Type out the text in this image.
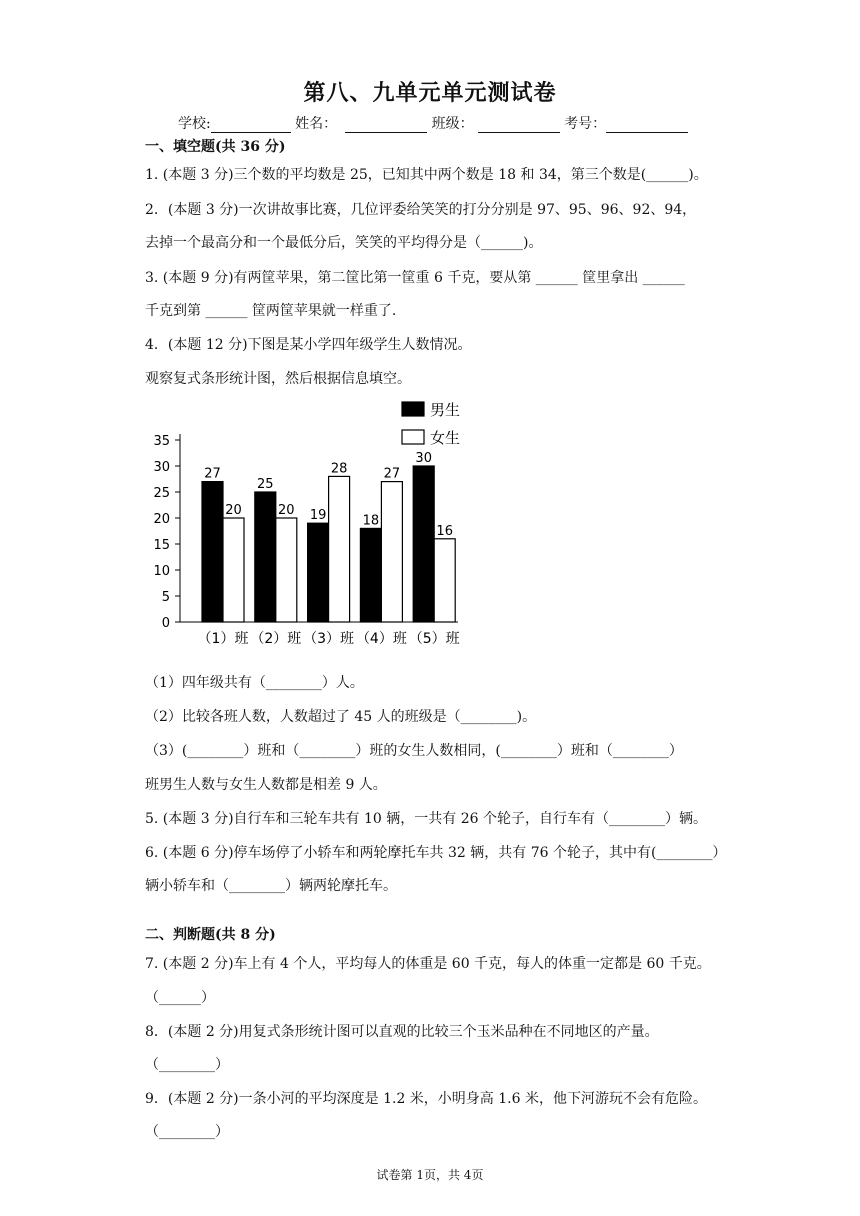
第八、九单元单元测试卷
学校:	姓名：	班级：	考号：
一、填空题(共 36 分)
1. (本题 3 分)三个数的平均数是 25，已知其中两个数是 18 和 34，第三个数是(______)。
2．(本题 3 分)一次讲故事比赛，几位评委给笑笑的打分分别是 97、95、96、92、94，
去掉一个最高分和一个最低分后，笑笑的平均得分是（______)。
3. (本题 9 分)有两筐苹果，第二筐比第一筐重 6 千克，要从第 ______ 筐里拿出 ______
千克到第 ______ 筐两筐苹果就一样重了.
4．(本题 12 分)下图是某小学四年级学生人数情况。
观察复式条形统计图，然后根据信息填空。
男生
女生
0
5
10
15
20
25
30
35
（1）班 （2）班 （3）班 （4）班 （5）班
27
20
25
20 19
28
18
27
30
16
（1）四年级共有（________）人。
（2）比较各班人数，人数超过了 45 人的班级是（________)。
（3）(________）班和（________）班的女生人数相同，(________）班和（________）
班男生人数与女生人数都是相差 9 人。
5. (本题 3 分)自行车和三轮车共有 10 辆，一共有 26 个轮子，自行车有（________）辆。
6. (本题 6 分)停车场停了小轿车和两轮摩托车共 32 辆，共有 76 个轮子，其中有(________）
辆小轿车和（________）辆两轮摩托车。
二、判断题(共 8 分)
7. (本题 2 分)车上有 4 个人，平均每人的体重是 60 千克，每人的体重一定都是 60 千克。
（______）
8．(本题 2 分)用复式条形统计图可以直观的比较三个玉米品种在不同地区的产量。
（________）
9．(本题 2 分)一条小河的平均深度是 1.2 米，小明身高 1.6 米，他下河游玩不会有危险。
（________）
试卷第 1页，共 4页
